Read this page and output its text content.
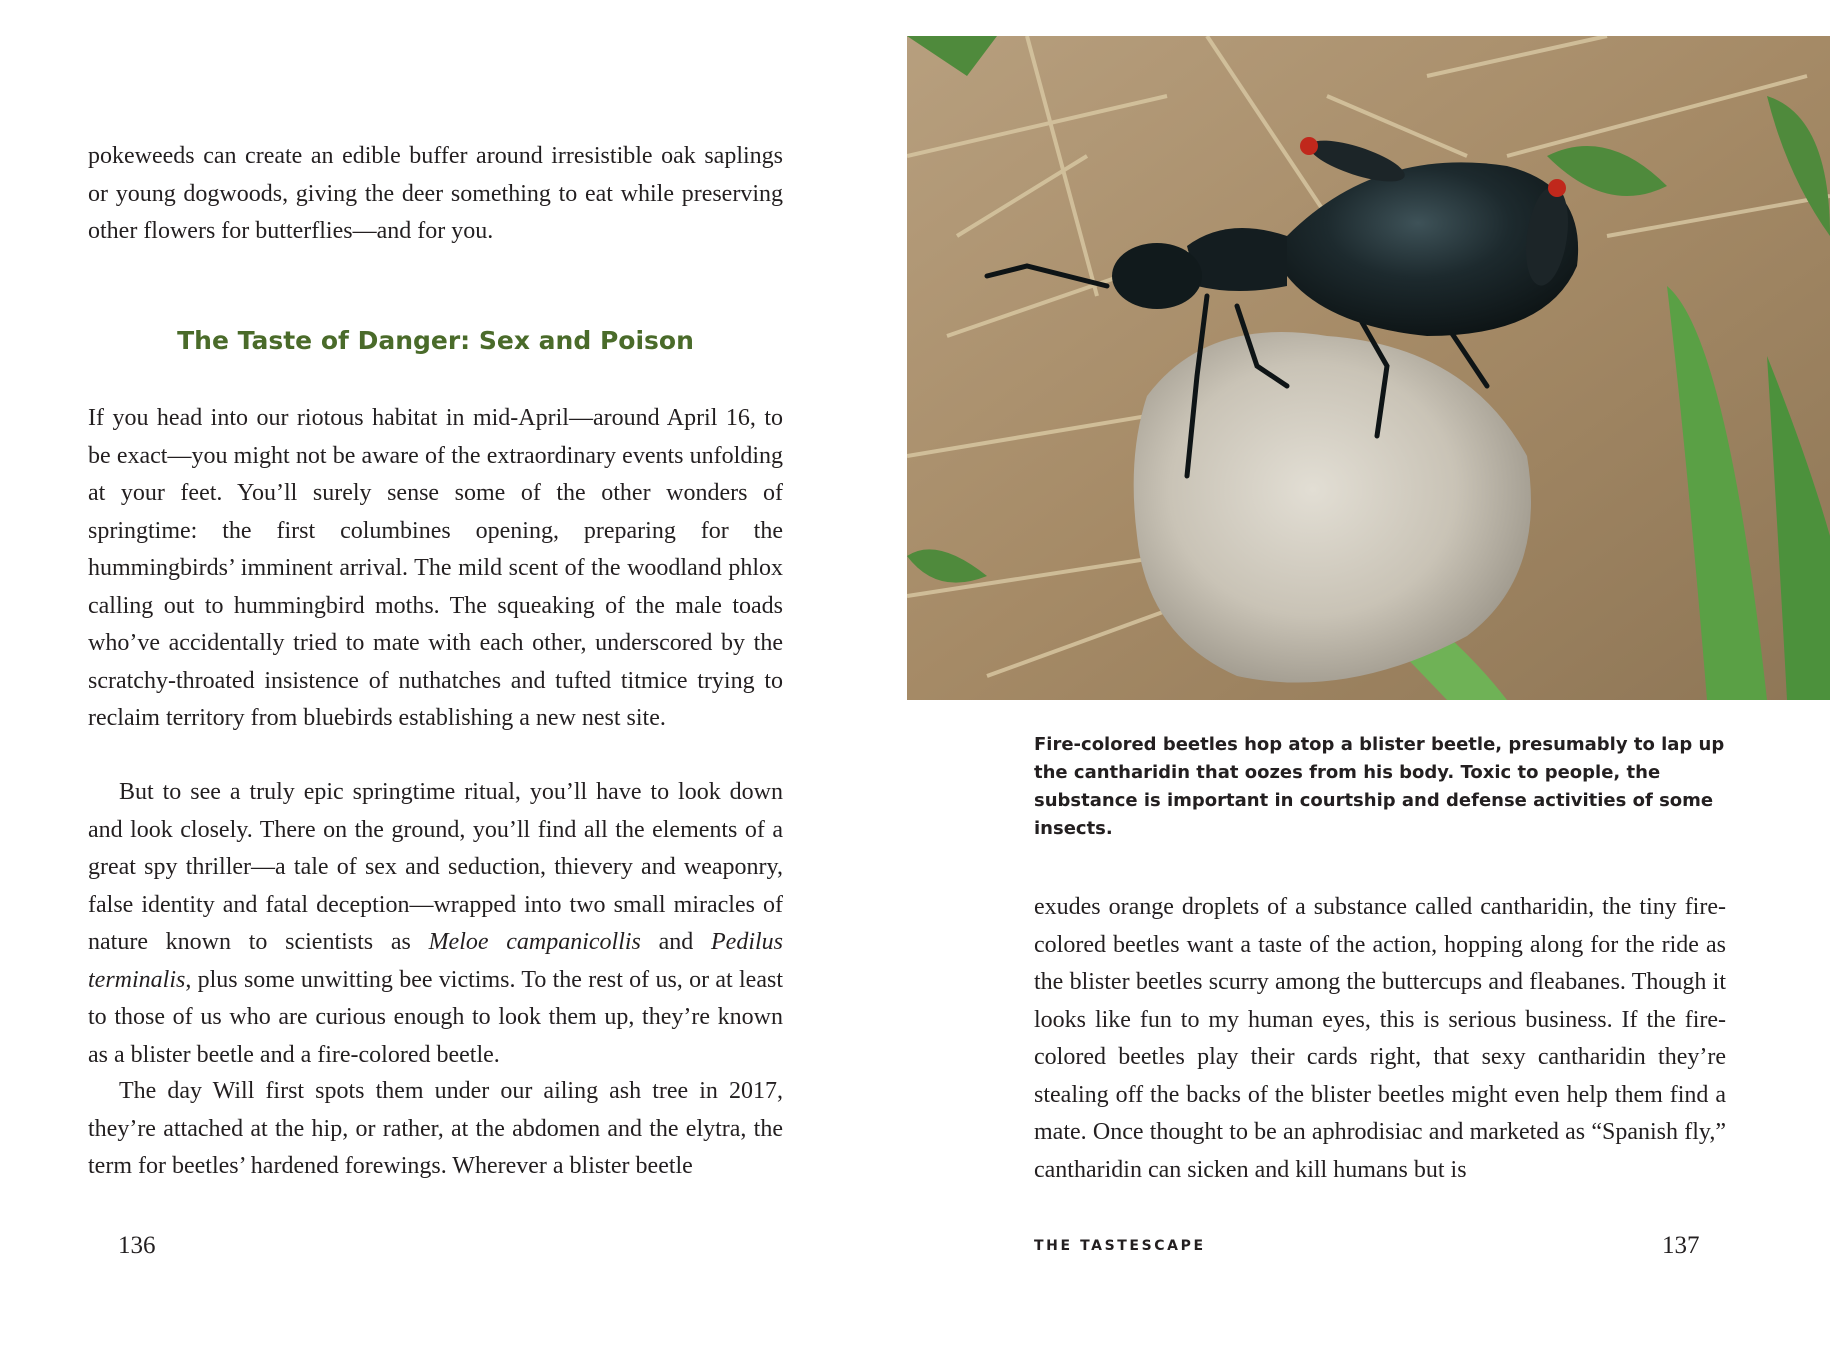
pokeweeds can create an edible buffer around irresistible oak saplings or young dogwoods, giving the deer something to eat while preserving other flowers for butterflies—and for you.

The Taste of Danger: Sex and Poison

If you head into our riotous habitat in mid-April—around April 16, to be exact—you might not be aware of the extraordinary events unfolding at your feet. You’ll surely sense some of the other wonders of springtime: the first columbines opening, preparing for the hummingbirds’ imminent arrival. The mild scent of the woodland phlox calling out to hummingbird moths. The squeaking of the male toads who’ve accidentally tried to mate with each other, underscored by the scratchy-throated insistence of nuthatches and tufted titmice trying to reclaim territory from bluebirds establishing a new nest site.

But to see a truly epic springtime ritual, you’ll have to look down and look closely. There on the ground, you’ll find all the elements of a great spy thriller—a tale of sex and seduction, thievery and weaponry, false identity and fatal deception—wrapped into two small miracles of nature known to scientists as Meloe campanicollis and Pedilus terminalis, plus some unwitting bee victims. To the rest of us, or at least to those of us who are curious enough to look them up, they’re known as a blister beetle and a fire-colored beetle.

The day Will first spots them under our ailing ash tree in 2017, they’re attached at the hip, or rather, at the abdomen and the elytra, the term for beetles’ hardened forewings. Wherever a blister beetle

136

Fire-colored beetles hop atop a blister beetle, presumably to lap up the cantharidin that oozes from his body. Toxic to people, the substance is important in courtship and defense activities of some insects.

exudes orange droplets of a substance called cantharidin, the tiny fire-colored beetles want a taste of the action, hopping along for the ride as the blister beetles scurry among the buttercups and fleabanes. Though it looks like fun to my human eyes, this is serious business. If the fire-colored beetles play their cards right, that sexy cantharidin they’re stealing off the backs of the blister beetles might even help them find a mate. Once thought to be an aphrodisiac and marketed as “Spanish fly,” cantharidin can sicken and kill humans but is

THE TASTESCAPE	137
